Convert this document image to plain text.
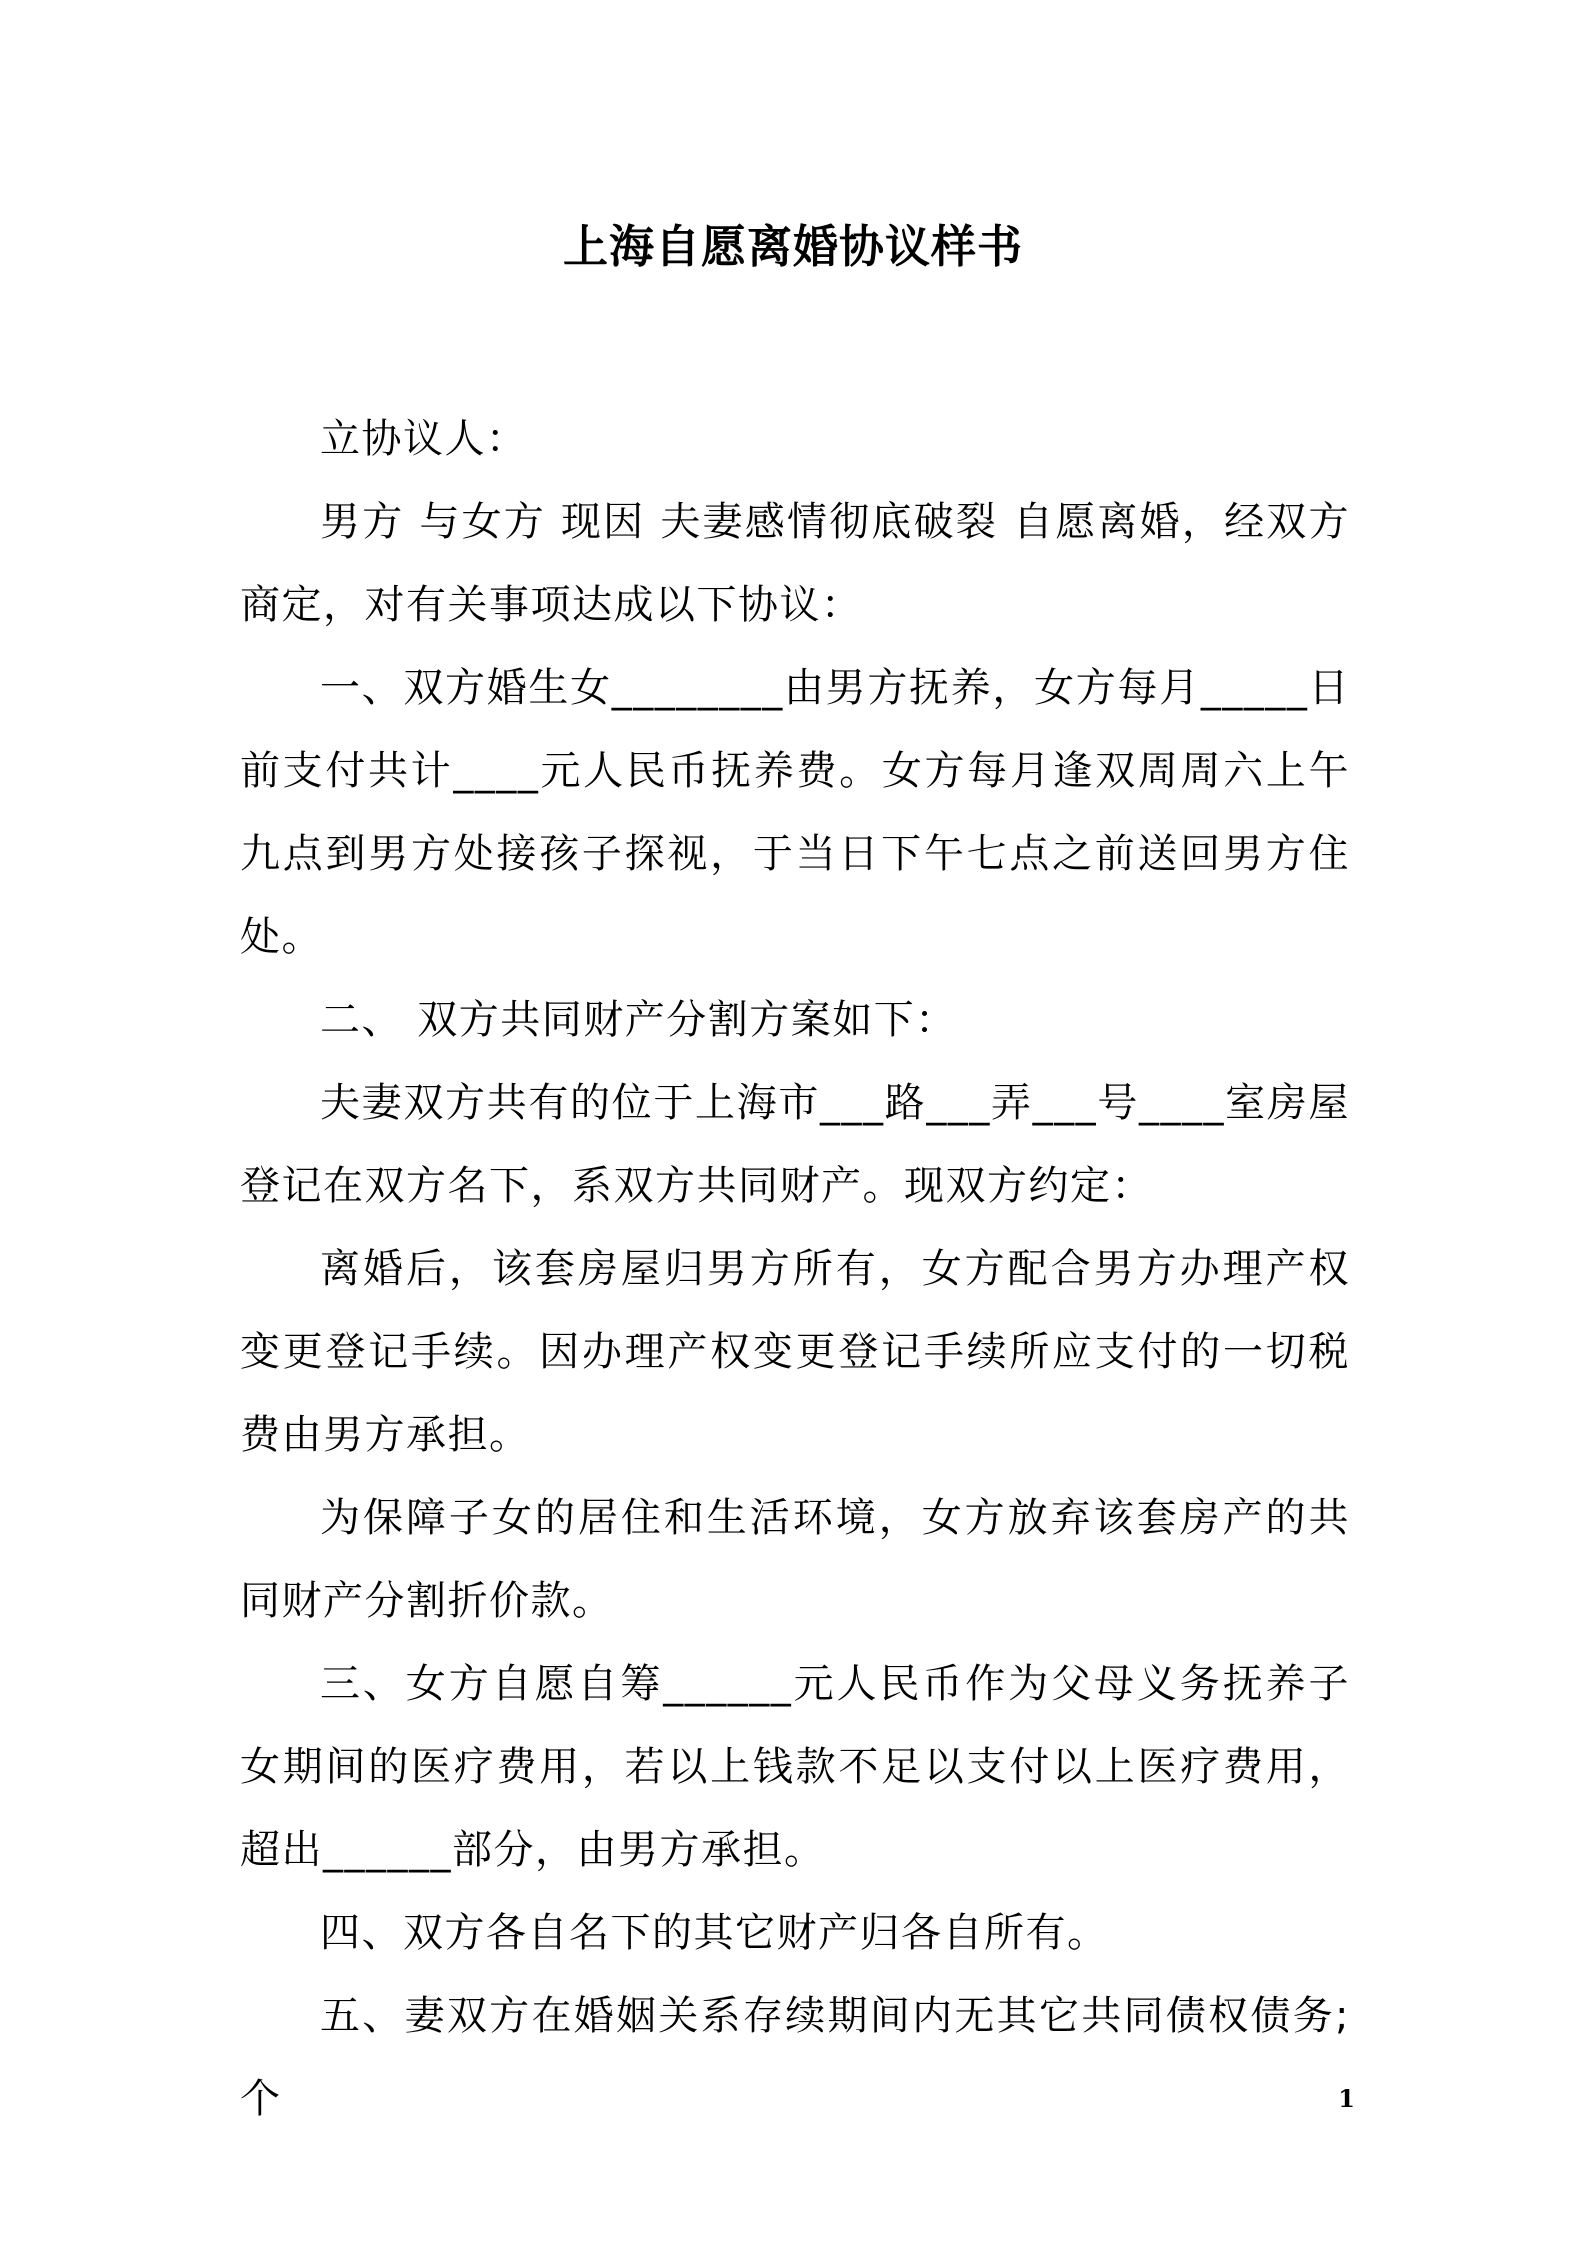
上海自愿离婚协议样书

立协议人：

男方 与女方 现因 夫妻感情彻底破裂 自愿离婚，经双方商定，对有关事项达成以下协议：

一、双方婚生女________由男方抚养，女方每月_____日前支付共计____元人民币抚养费。女方每月逢双周周六上午九点到男方处接孩子探视，于当日下午七点之前送回男方住处。

二、 双方共同财产分割方案如下：

夫妻双方共有的位于上海市___路___弄___号____室房屋登记在双方名下，系双方共同财产。现双方约定：

离婚后，该套房屋归男方所有，女方配合男方办理产权变更登记手续。因办理产权变更登记手续所应支付的一切税费由男方承担。

为保障子女的居住和生活环境，女方放弃该套房产的共同财产分割折价款。

三、女方自愿自筹______元人民币作为父母义务抚养子女期间的医疗费用，若以上钱款不足以支付以上医疗费用，超出______部分，由男方承担。

四、双方各自名下的其它财产归各自所有。

五、妻双方在婚姻关系存续期间内无其它共同债权债务;个	1
